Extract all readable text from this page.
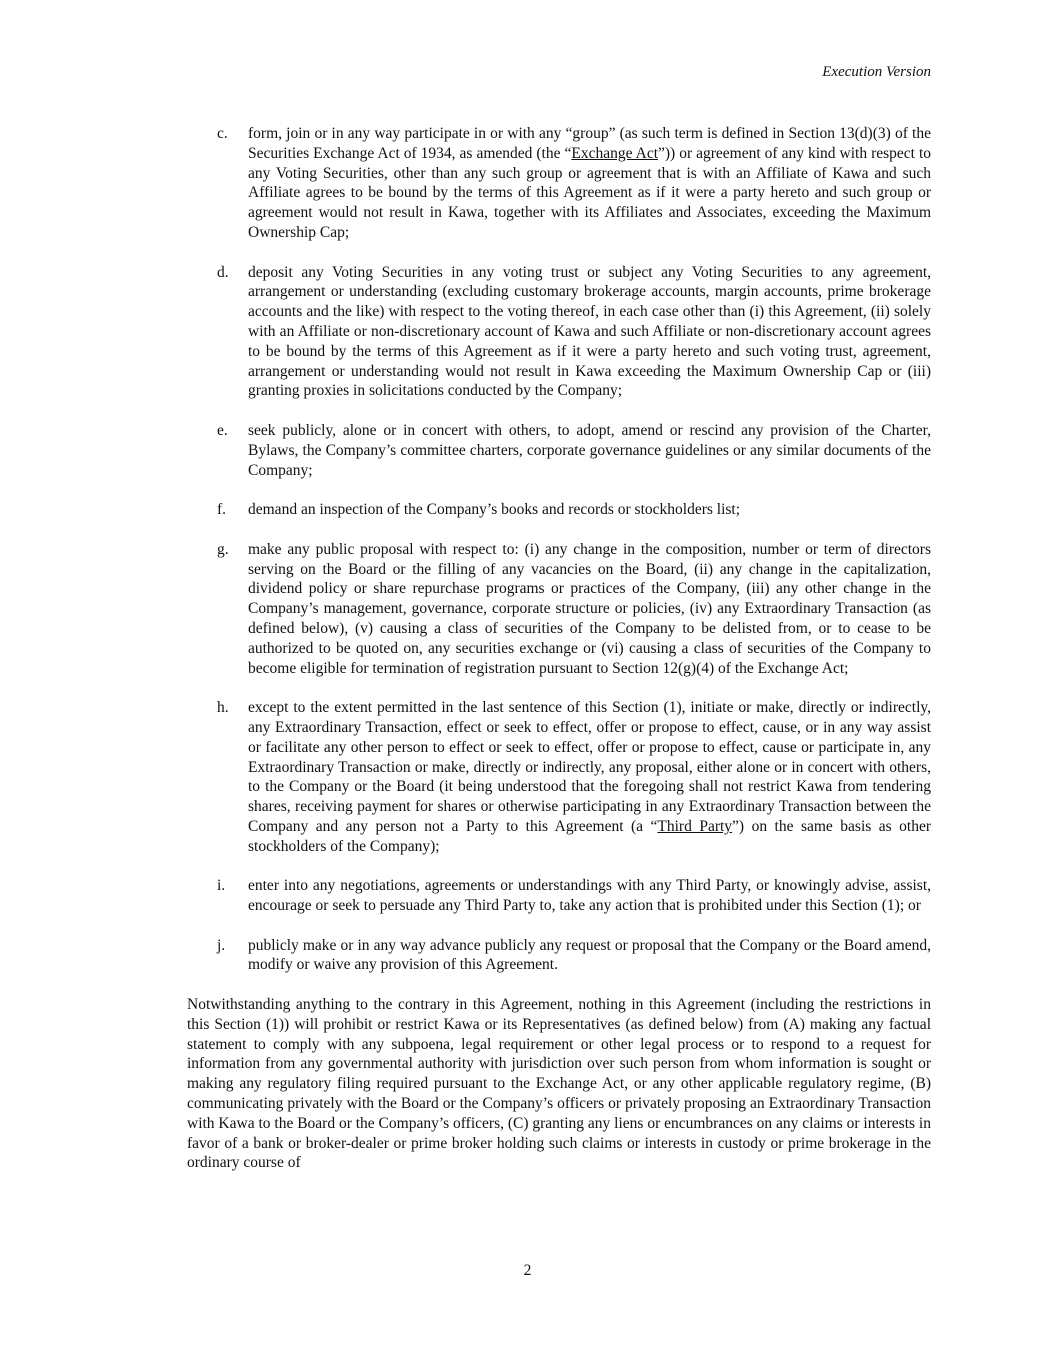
Execution Version
c. form, join or in any way participate in or with any “group” (as such term is defined in Section 13(d)(3) of the Securities Exchange Act of 1934, as amended (the “Exchange Act”)) or agreement of any kind with respect to any Voting Securities, other than any such group or agreement that is with an Affiliate of Kawa and such Affiliate agrees to be bound by the terms of this Agreement as if it were a party hereto and such group or agreement would not result in Kawa, together with its Affiliates and Associates, exceeding the Maximum Ownership Cap;
d. deposit any Voting Securities in any voting trust or subject any Voting Securities to any agreement, arrangement or understanding (excluding customary brokerage accounts, margin accounts, prime brokerage accounts and the like) with respect to the voting thereof, in each case other than (i) this Agreement, (ii) solely with an Affiliate or non-discretionary account of Kawa and such Affiliate or non-discretionary account agrees to be bound by the terms of this Agreement as if it were a party hereto and such voting trust, agreement, arrangement or understanding would not result in Kawa exceeding the Maximum Ownership Cap or (iii) granting proxies in solicitations conducted by the Company;
e. seek publicly, alone or in concert with others, to adopt, amend or rescind any provision of the Charter, Bylaws, the Company’s committee charters, corporate governance guidelines or any similar documents of the Company;
f. demand an inspection of the Company’s books and records or stockholders list;
g. make any public proposal with respect to: (i) any change in the composition, number or term of directors serving on the Board or the filling of any vacancies on the Board, (ii) any change in the capitalization, dividend policy or share repurchase programs or practices of the Company, (iii) any other change in the Company’s management, governance, corporate structure or policies, (iv) any Extraordinary Transaction (as defined below), (v) causing a class of securities of the Company to be delisted from, or to cease to be authorized to be quoted on, any securities exchange or (vi) causing a class of securities of the Company to become eligible for termination of registration pursuant to Section 12(g)(4) of the Exchange Act;
h. except to the extent permitted in the last sentence of this Section (1), initiate or make, directly or indirectly, any Extraordinary Transaction, effect or seek to effect, offer or propose to effect, cause, or in any way assist or facilitate any other person to effect or seek to effect, offer or propose to effect, cause or participate in, any Extraordinary Transaction or make, directly or indirectly, any proposal, either alone or in concert with others, to the Company or the Board (it being understood that the foregoing shall not restrict Kawa from tendering shares, receiving payment for shares or otherwise participating in any Extraordinary Transaction between the Company and any person not a Party to this Agreement (a “Third Party”) on the same basis as other stockholders of the Company);
i. enter into any negotiations, agreements or understandings with any Third Party, or knowingly advise, assist, encourage or seek to persuade any Third Party to, take any action that is prohibited under this Section (1); or
j. publicly make or in any way advance publicly any request or proposal that the Company or the Board amend, modify or waive any provision of this Agreement.

Notwithstanding anything to the contrary in this Agreement, nothing in this Agreement (including the restrictions in this Section (1)) will prohibit or restrict Kawa or its Representatives (as defined below) from (A) making any factual statement to comply with any subpoena, legal requirement or other legal process or to respond to a request for information from any governmental authority with jurisdiction over such person from whom information is sought or making any regulatory filing required pursuant to the Exchange Act, or any other applicable regulatory regime, (B) communicating privately with the Board or the Company’s officers or privately proposing an Extraordinary Transaction with Kawa to the Board or the Company’s officers, (C) granting any liens or encumbrances on any claims or interests in favor of a bank or broker-dealer or prime broker holding such claims or interests in custody or prime brokerage in the ordinary course of

2
